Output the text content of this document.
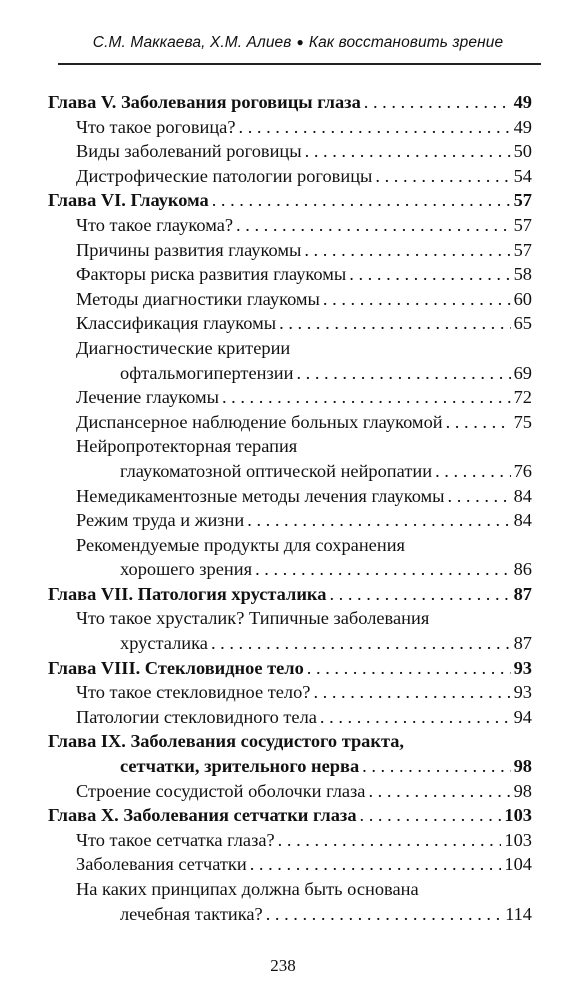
С.М. Маккаева, Х.М. Алиев ● Как восстановить зрение
Глава V. Заболевания роговицы глаза . . .	49
Что такое роговица? . . .	49
Виды заболеваний роговицы . . .	50
Дистрофические патологии роговицы . . .	54
Глава VI. Глаукома . . .	57
Что такое глаукома? . . .	57
Причины развития глаукомы . . .	57
Факторы риска развития глаукомы . . .	58
Методы диагностики глаукомы . . .	60
Классификация глаукомы . . .	65
Диагностические критерии
офтальмогипертензии . . .	69
Лечение глаукомы . . .	72
Диспансерное наблюдение больных глаукомой . . .	75
Нейропротекторная терапия
глаукоматозной оптической нейропатии . . .	76
Немедикаментозные методы лечения глаукомы . . .	84
Режим труда и жизни . . .	84
Рекомендуемые продукты для сохранения
хорошего зрения . . .	86
Глава VII. Патология хрусталика . . .	87
Что такое хрусталик? Типичные заболевания
хрусталика . . .	87
Глава VIII. Стекловидное тело . . .	93
Что такое стекловидное тело? . . .	93
Патологии стекловидного тела . . .	94
Глава IX. Заболевания сосудистого тракта,
сетчатки, зрительного нерва . . .	98
Строение сосудистой оболочки глаза . . .	98
Глава X. Заболевания сетчатки глаза . . .	103
Что такое сетчатка глаза? . . .	103
Заболевания сетчатки . . .	104
На каких принципах должна быть основана
лечебная тактика? . . .	114
238
